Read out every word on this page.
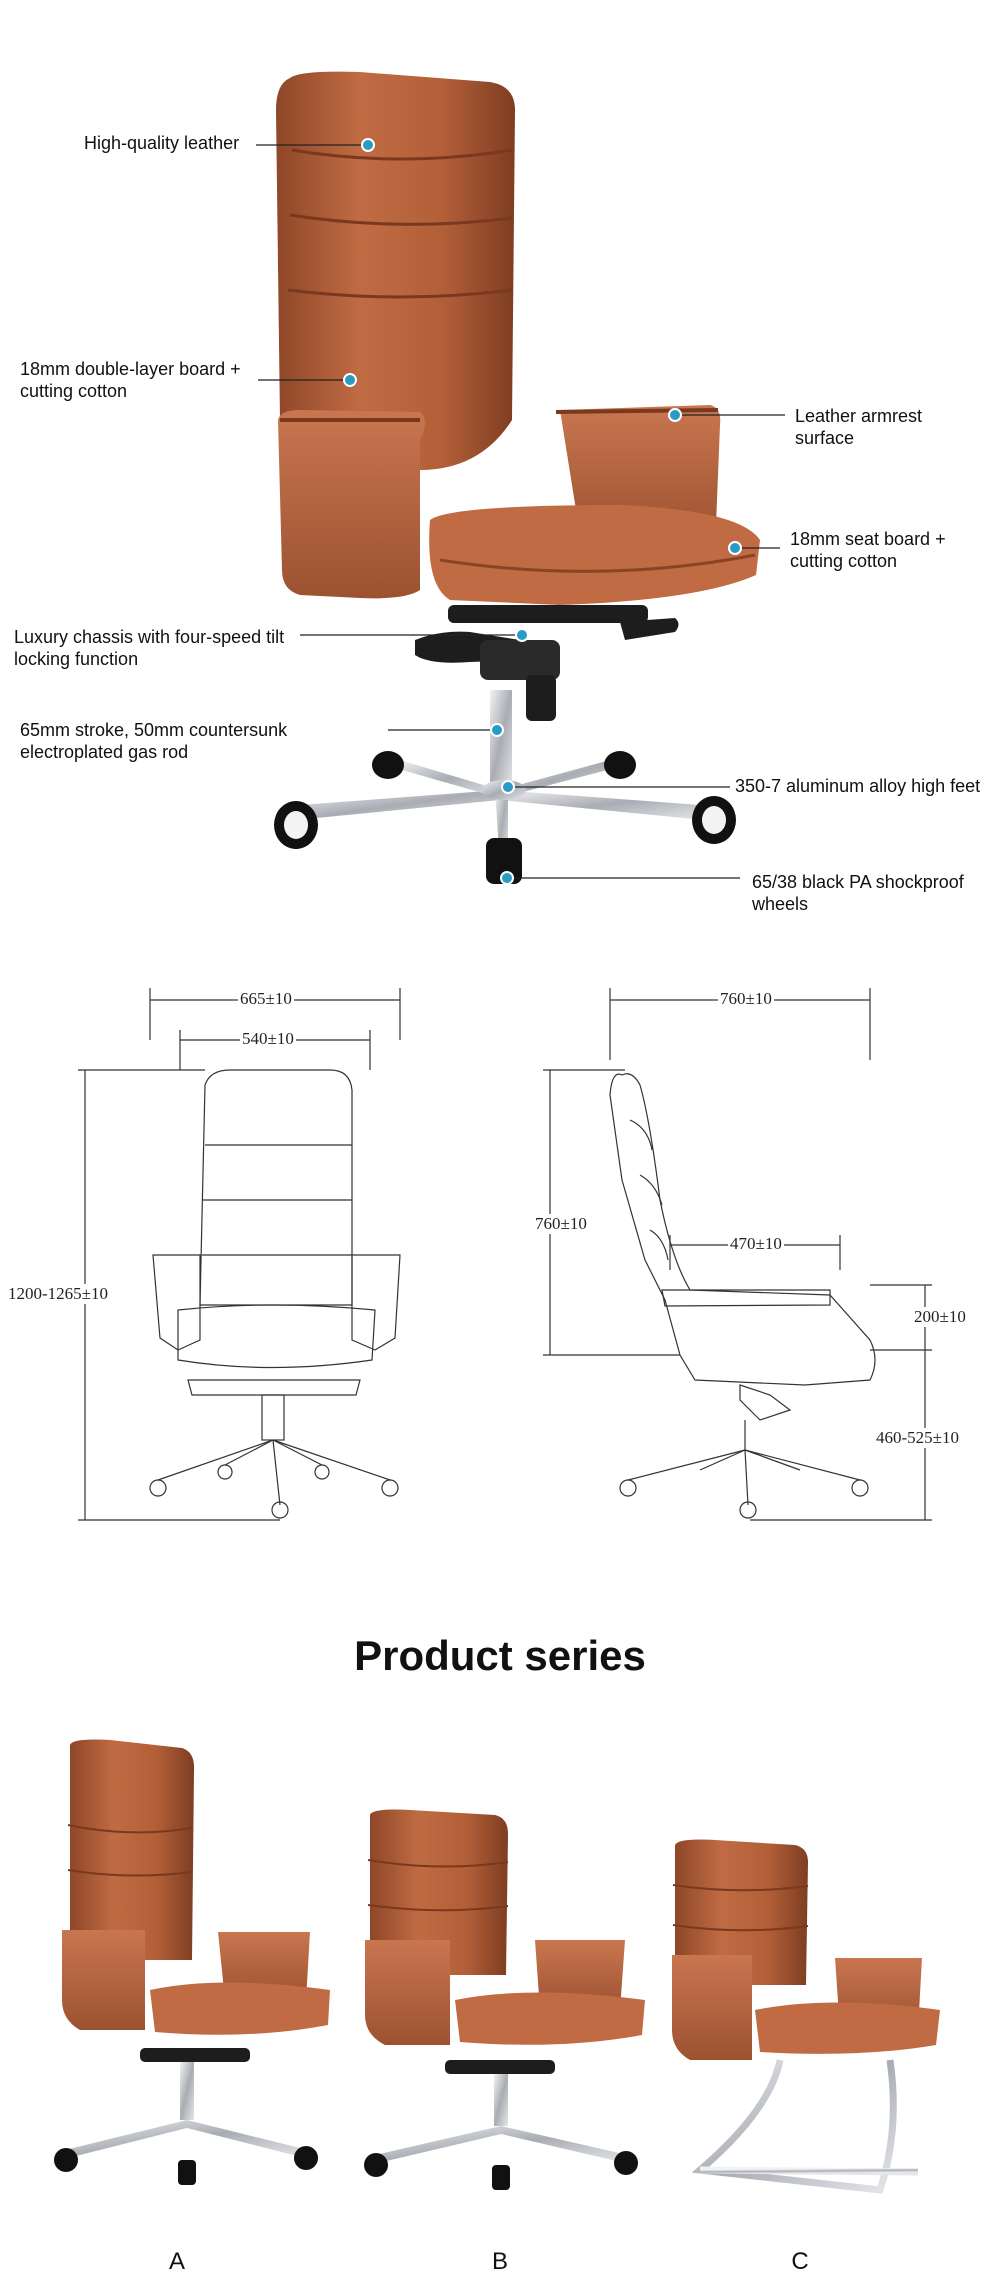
High-quality leather
18mm double-layer board +
cutting cotton
Leather armrest
surface
18mm seat board +
cutting cotton
Luxury chassis with four-speed tilt
locking function
65mm stroke, 50mm countersunk
electroplated gas rod
350-7 aluminum alloy high feet
65/38 black PA shockproof
wheels
665±10
540±10
1200-1265±10
760±10
760±10
470±10
200±10
460-525±10
Product series
A	B	C
